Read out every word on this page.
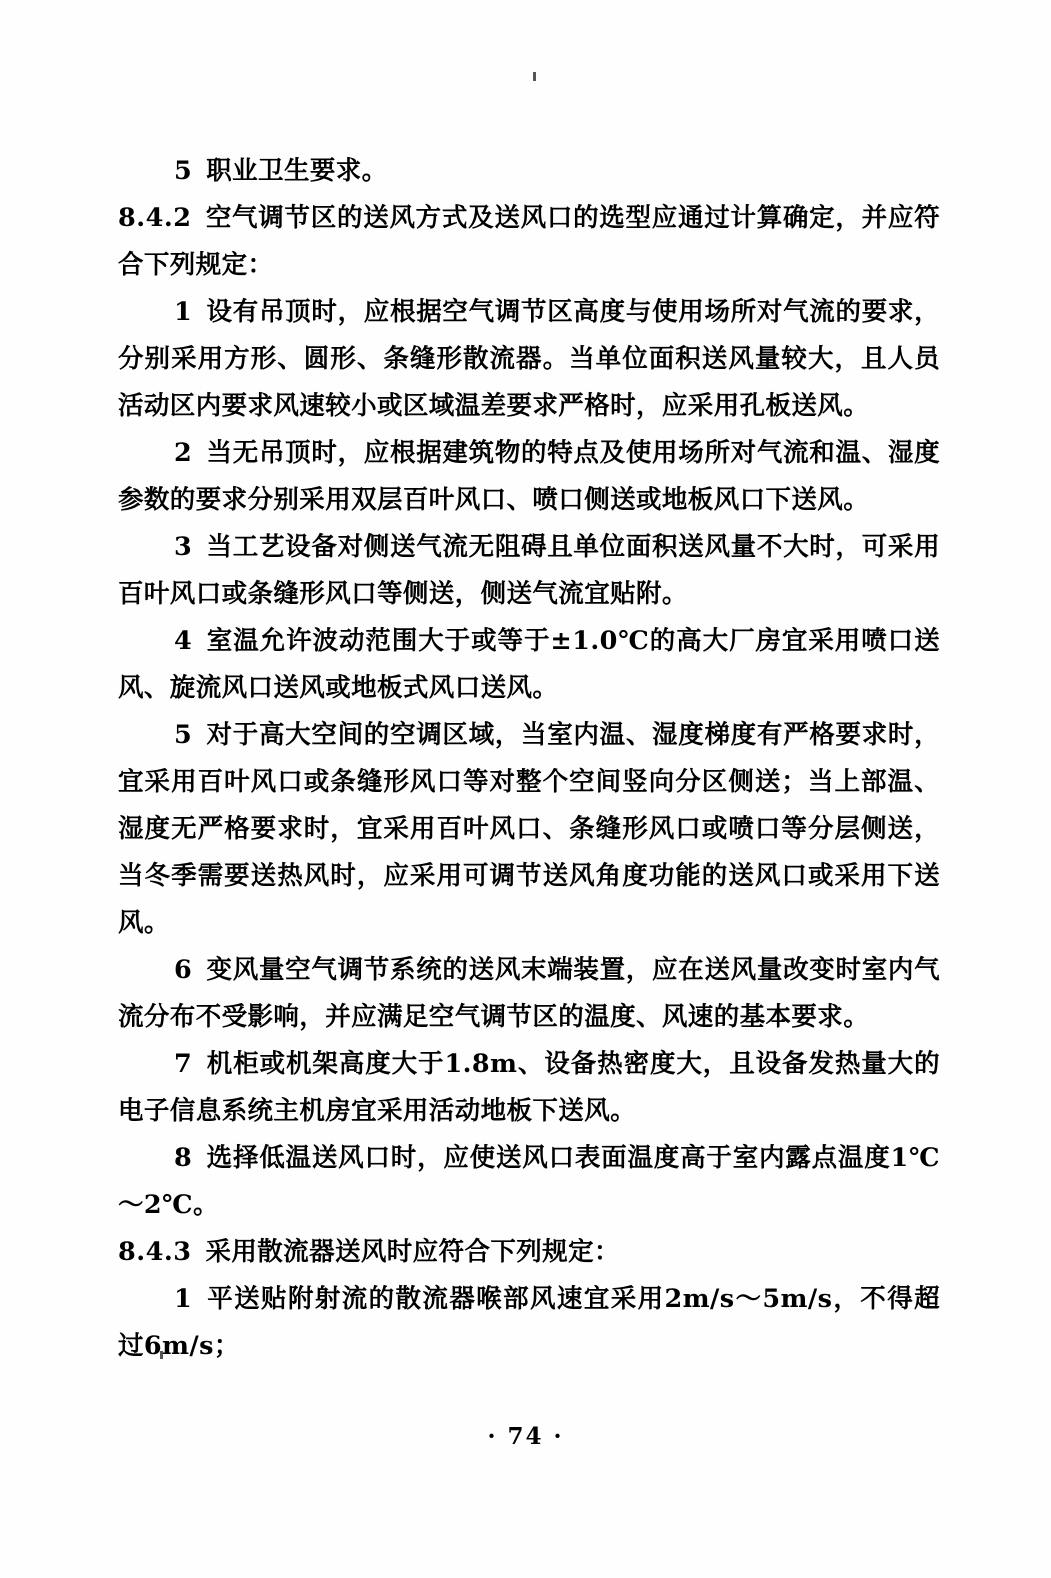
5 职业卫生要求。

8.4.2 空气调节区的送风方式及送风口的选型应通过计算确定，并应符合下列规定：

1 设有吊顶时，应根据空气调节区高度与使用场所对气流的要求，分别采用方形、圆形、条缝形散流器。当单位面积送风量较大，且人员活动区内要求风速较小或区域温差要求严格时，应采用孔板送风。

2 当无吊顶时，应根据建筑物的特点及使用场所对气流和温、湿度参数的要求分别采用双层百叶风口、喷口侧送或地板风口下送风。

3 当工艺设备对侧送气流无阻碍且单位面积送风量不大时，可采用百叶风口或条缝形风口等侧送，侧送气流宜贴附。

4 室温允许波动范围大于或等于±1.0℃的高大厂房宜采用喷口送风、旋流风口送风或地板式风口送风。

5 对于高大空间的空调区域，当室内温、湿度梯度有严格要求时，宜采用百叶风口或条缝形风口等对整个空间竖向分区侧送；当上部温、湿度无严格要求时，宜采用百叶风口、条缝形风口或喷口等分层侧送，当冬季需要送热风时，应采用可调节送风角度功能的送风口或采用下送风。

6 变风量空气调节系统的送风末端装置，应在送风量改变时室内气流分布不受影响，并应满足空气调节区的温度、风速的基本要求。

7 机柜或机架高度大于1.8m、设备热密度大，且设备发热量大的电子信息系统主机房宜采用活动地板下送风。

8 选择低温送风口时，应使送风口表面温度高于室内露点温度1℃～2℃。

8.4.3 采用散流器送风时应符合下列规定：

1 平送贴附射流的散流器喉部风速宜采用2m/s～5m/s，不得超过6m/s；

· 74 ·
